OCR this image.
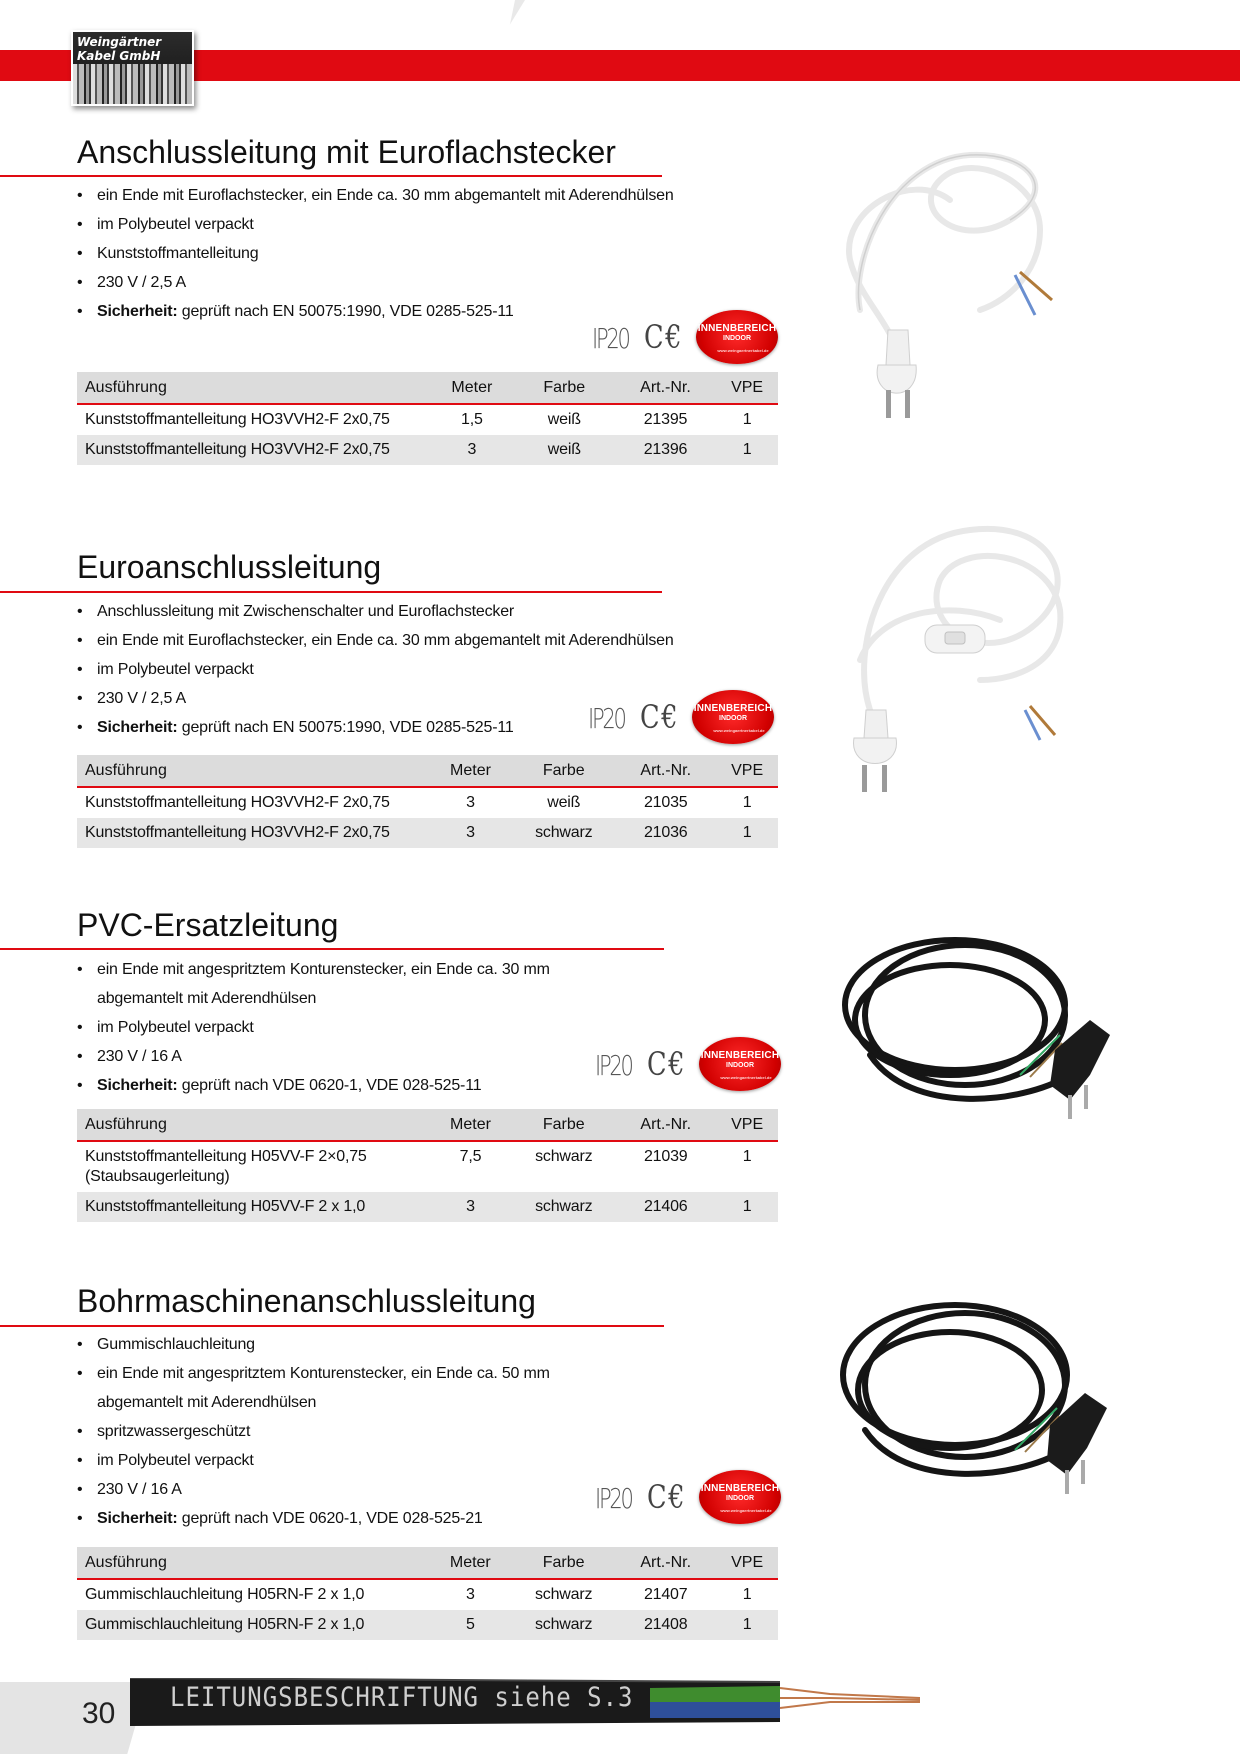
Weingärtner
Kabel GmbH
Anschlussleitung mit Euroflachstecker
• ein Ende mit Euroflachstecker, ein Ende ca. 30 mm abgemantelt mit Aderendhülsen
• im Polybeutel verpackt
• Kunststoffmantelleitung
• 230 V / 2,5 A
• Sicherheit: geprüft nach EN 50075:1990, VDE 0285-525-11
IP20 C€ INNENBEREICH
INDOOR
www.weingaertnerkabel.de
Ausführung	Meter	Farbe	Art.-Nr.	VPE
Kunststoffmantelleitung HO3VVH2-F 2x0,75	1,5	weiß	21395	1
Kunststoffmantelleitung HO3VVH2-F 2x0,75	3	weiß	21396	1
Euroanschlussleitung
• Anschlussleitung mit Zwischenschalter und Euroflachstecker
• ein Ende mit Euroflachstecker, ein Ende ca. 30 mm abgemantelt mit Aderendhülsen
• im Polybeutel verpackt
• 230 V / 2,5 A
• Sicherheit: geprüft nach EN 50075:1990, VDE 0285-525-11	IP20 C€ INNENBEREICH
INDOOR
www.weingaertnerkabel.de
Ausführung	Meter	Farbe	Art.-Nr.	VPE
Kunststoffmantelleitung HO3VVH2-F 2x0,75	3	weiß	21035	1
Kunststoffmantelleitung HO3VVH2-F 2x0,75	3	schwarz	21036	1
PVC-Ersatzleitung
• ein Ende mit angespritztem Konturenstecker, ein Ende ca. 30 mm
abgemantelt mit Aderendhülsen
• im Polybeutel verpackt
• 230 V / 16 A
• Sicherheit: geprüft nach VDE 0620-1, VDE 028-525-11
IP20 C€ INNENBEREICH
INDOOR
www.weingaertnerkabel.de
Ausführung	Meter	Farbe	Art.-Nr.	VPE

Kunststoffmantelleitung H05VV-F 2×0,75
(Staubsaugerleitung)	7,5	schwarz	21039	1
Kunststoffmantelleitung H05VV-F 2 x 1,0	3	schwarz	21406	1
Bohrmaschinenanschlussleitung
• Gummischlauchleitung
• ein Ende mit angespritztem Konturenstecker, ein Ende ca. 50 mm
abgemantelt mit Aderendhülsen
• spritzwassergeschützt
• im Polybeutel verpackt
• 230 V / 16 A
• Sicherheit: geprüft nach VDE 0620-1, VDE 028-525-21
IP20 C€ INNENBEREICH
INDOOR
www.weingaertnerkabel.de
Ausführung	Meter	Farbe	Art.-Nr.	VPE
Gummischlauchleitung H05RN-F 2 x 1,0	3	schwarz	21407	1
Gummischlauchleitung H05RN-F 2 x 1,0	5	schwarz	21408	1
30 LEITUNGSBESCHRIFTUNG siehe S.3
